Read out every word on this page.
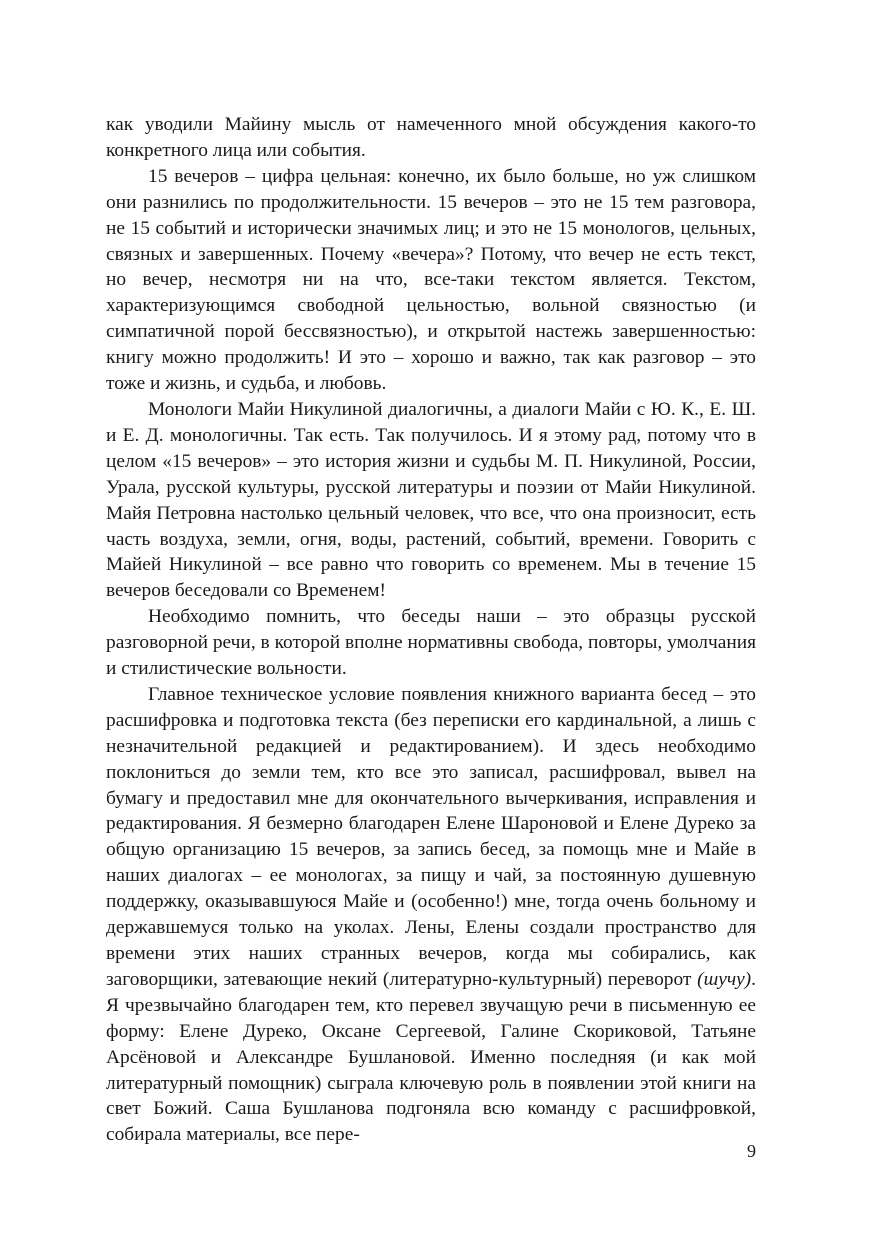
как уводили Майину мысль от намеченного мной обсуждения какого-то конкретного лица или события.

15 вечеров – цифра цельная: конечно, их было больше, но уж слишком они разнились по продолжительности. 15 вечеров – это не 15 тем разговора, не 15 событий и исторически значимых лиц; и это не 15 монологов, цельных, связных и завершенных. Почему «вечера»? Потому, что вечер не есть текст, но вечер, несмотря ни на что, все-таки текстом является. Текстом, характеризующимся свободной цельностью, вольной связностью (и симпатичной порой бессвязностью), и открытой настежь завершенностью: книгу можно продолжить! И это – хорошо и важно, так как разговор – это тоже и жизнь, и судьба, и любовь.

Монологи Майи Никулиной диалогичны, а диалоги Майи с Ю. К., Е. Ш. и Е. Д. монологичны. Так есть. Так получилось. И я этому рад, потому что в целом «15 вечеров» – это история жизни и судьбы М. П. Никулиной, России, Урала, русской культуры, русской литературы и поэзии от Майи Никулиной. Майя Петровна настолько цельный человек, что все, что она произносит, есть часть воздуха, земли, огня, воды, растений, событий, времени. Говорить с Майей Никулиной – все равно что говорить со временем. Мы в течение 15 вечеров беседовали со Временем!

Необходимо помнить, что беседы наши – это образцы русской разговорной речи, в которой вполне нормативны свобода, повторы, умолчания и стилистические вольности.

Главное техническое условие появления книжного варианта бесед – это расшифровка и подготовка текста (без переписки его кардинальной, а лишь с незначительной редакцией и редактированием). И здесь необходимо поклониться до земли тем, кто все это записал, расшифровал, вывел на бумагу и предоставил мне для окончательного вычеркивания, исправления и редактирования. Я безмерно благодарен Елене Шароновой и Елене Дуреко за общую организацию 15 вечеров, за запись бесед, за помощь мне и Майе в наших диалогах – ее монологах, за пищу и чай, за постоянную душевную поддержку, оказывавшуюся Майе и (особенно!) мне, тогда очень больному и державшемуся только на уколах. Лены, Елены создали пространство для времени этих наших странных вечеров, когда мы собирались, как заговорщики, затевающие некий (литературно-культурный) переворот (шучу). Я чрезвычайно благодарен тем, кто перевел звучащую речи в письменную ее форму: Елене Дуреко, Оксане Сергеевой, Галине Скориковой, Татьяне Арсёновой и Александре Бушлановой. Именно последняя (и как мой литературный помощник) сыграла ключевую роль в появлении этой книги на свет Божий. Саша Бушланова подгоняла всю команду с расшифровкой, собирала материалы, все пере-

9
